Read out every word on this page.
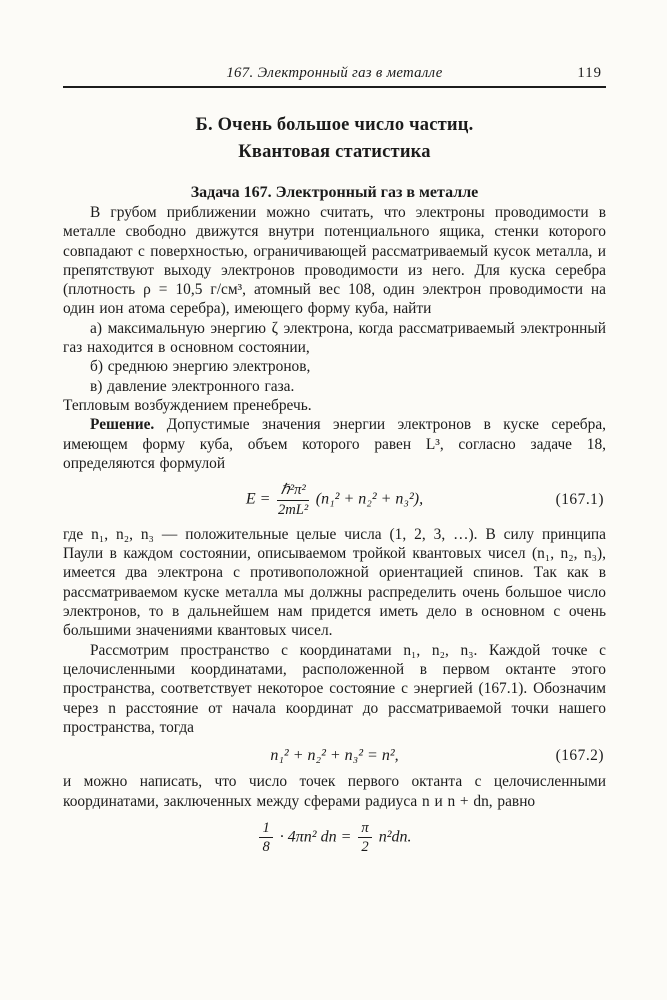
167. Электронный газ в металле	119
Б. Очень большое число частиц.
Квантовая статистика
Задача 167. Электронный газ в металле

В грубом приближении можно считать, что электроны проводимости в металле свободно движутся внутри потенциального ящика, стенки которого совпадают с поверхностью, ограничивающей рассматриваемый кусок металла, и препятствуют выходу электронов проводимости из него. Для куска серебра (плотность ρ = 10,5 г/см³, атомный вес 108, один электрон проводимости на один ион атома серебра), имеющего форму куба, найти

а) максимальную энергию ζ электрона, когда рассматриваемый электронный газ находится в основном состоянии,

б) среднюю энергию электронов,

в) давление электронного газа.

Тепловым возбуждением пренебречь.

Решение. Допустимые значения энергии электронов в куске серебра, имеющем форму куба, объем которого равен L³, согласно задаче 18, определяются формулой

$E = \frac{\text{ℏ²π²}}{\text{2mL²}} (n_1^2 + n_2^2 + n_3^2)$,	(167.1)

где n₁, n₂, n₃ — положительные целые числа (1, 2, 3, …). В силу принципа Паули в каждом состоянии, описываемом тройкой квантовых чисел (n₁, n₂, n₃), имеется два электрона с противоположной ориентацией спинов. Так как в рассматриваемом куске металла мы должны распределить очень большое число электронов, то в дальнейшем нам придется иметь дело в основном с очень большими значениями квантовых чисел.

Рассмотрим пространство с координатами n₁, n₂, n₃. Каждой точке с целочисленными координатами, расположенной в первом октанте этого пространства, соответствует некоторое состояние с энергией (167.1). Обозначим через n расстояние от начала координат до рассматриваемой точки нашего пространства, тогда

n₁² + n₂² + n₃² = n²,	(167.2)

и можно написать, что число точек первого октанта с целочисленными координатами, заключенных между сферами радиуса n и n + dn, равно

$\frac{1}{8} \cdot 4\pi n^2$ dn = $\frac{\pi}{2} n^2dn$.
